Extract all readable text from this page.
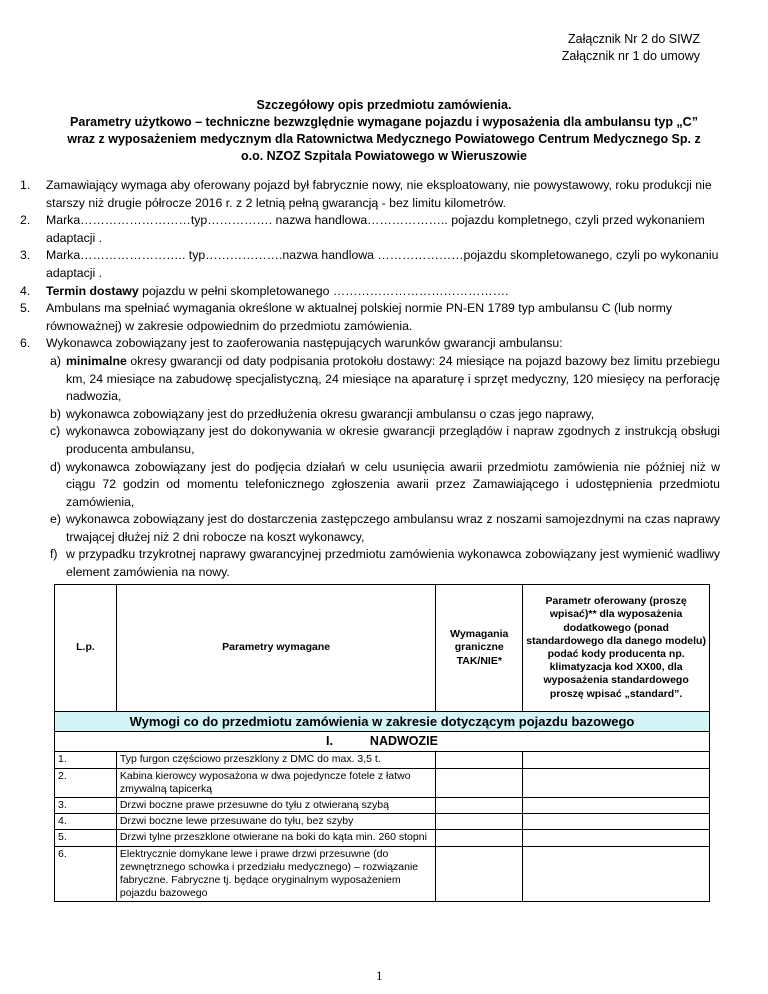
Załącznik Nr 2 do SIWZ
Załącznik nr 1 do umowy
Szczegółowy opis przedmiotu zamówienia.
Parametry użytkowo – techniczne bezwzględnie wymagane pojazdu i wyposażenia dla ambulansu typ „C”
wraz z wyposażeniem medycznym dla Ratownictwa Medycznego Powiatowego Centrum Medycznego Sp. z
o.o. NZOZ Szpitala Powiatowego w Wieruszowie
1. Zamawiający wymaga aby oferowany pojazd był fabrycznie nowy, nie eksploatowany, nie powystawowy, roku produkcji nie starszy niż drugie półrocze 2016 r. z 2 letnią pełną gwarancją - bez limitu kilometrów.
2. Marka………………………typ……………. nazwa handlowa……………….. pojazdu kompletnego, czyli przed wykonaniem adaptacji .
3. Marka…………………….. typ……………….nazwa handlowa …………………pojazdu skompletowanego, czyli po wykonaniu adaptacji .
4. Termin dostawy pojazdu w pełni skompletowanego …………………………………….
5. Ambulans ma spełniać wymagania określone w aktualnej polskiej normie PN-EN 1789 typ ambulansu C (lub normy równoważnej) w zakresie odpowiednim do przedmiotu zamówienia.
6. Wykonawca zobowiązany jest to zaoferowania następujących warunków gwarancji ambulansu:
a) minimalne okresy gwarancji od daty podpisania protokołu dostawy: 24 miesiące na pojazd bazowy bez limitu przebiegu km, 24 miesiące na zabudowę specjalistyczną, 24 miesiące na aparaturę i sprzęt medyczny, 120 miesięcy na perforację nadwozia,
b) wykonawca zobowiązany jest do przedłużenia okresu gwarancji ambulansu o czas jego naprawy,
c) wykonawca zobowiązany jest do dokonywania w okresie gwarancji przeglądów i napraw zgodnych z instrukcją obsługi producenta ambulansu,
d) wykonawca zobowiązany jest do podjęcia działań w celu usunięcia awarii przedmiotu zamówienia nie później niż w ciągu 72 godzin od momentu telefonicznego zgłoszenia awarii przez Zamawiającego i udostępnienia przedmiotu zamówienia,
e) wykonawca zobowiązany jest do dostarczenia zastępczego ambulansu wraz z noszami samojezdnymi na czas naprawy trwającej dłużej niż 2 dni robocze na koszt wykonawcy,
f) w przypadku trzykrotnej naprawy gwarancyjnej przedmiotu zamówienia wykonawca zobowiązany jest wymienić wadliwy element zamówienia na nowy.
L.p.	Parametry wymagane	Wymagania graniczne TAK/NIE*	Parametr oferowany (proszę wpisać)** dla wyposażenia dodatkowego (ponad standardowego dla danego modelu) podać kody producenta np. klimatyzacja kod XX00, dla wyposażenia standardowego proszę wpisać „standard”.
Wymogi co do przedmiotu zamówienia w zakresie dotyczącym pojazdu bazowego			
I. NADWOZIE			
1.	Typ furgon częściowo przeszklony z DMC do max. 3,5 t.		
2.	Kabina kierowcy wyposażona w dwa pojedyncze fotele z łatwo zmywalną tapicerką		
3.	Drzwi boczne prawe przesuwne do tyłu z otwieraną szybą		
4.	Drzwi boczne lewe przesuwane do tyłu, bez szyby		
5.	Drzwi tylne przeszklone otwierane na boki do kąta min. 260 stopni		
6.	Elektrycznie domykane lewe i prawe drzwi przesuwne (do zewnętrznego schowka i przedziału medycznego) – rozwiązanie fabryczne. Fabryczne tj. będące oryginalnym wyposażeniem pojazdu bazowego		
1
